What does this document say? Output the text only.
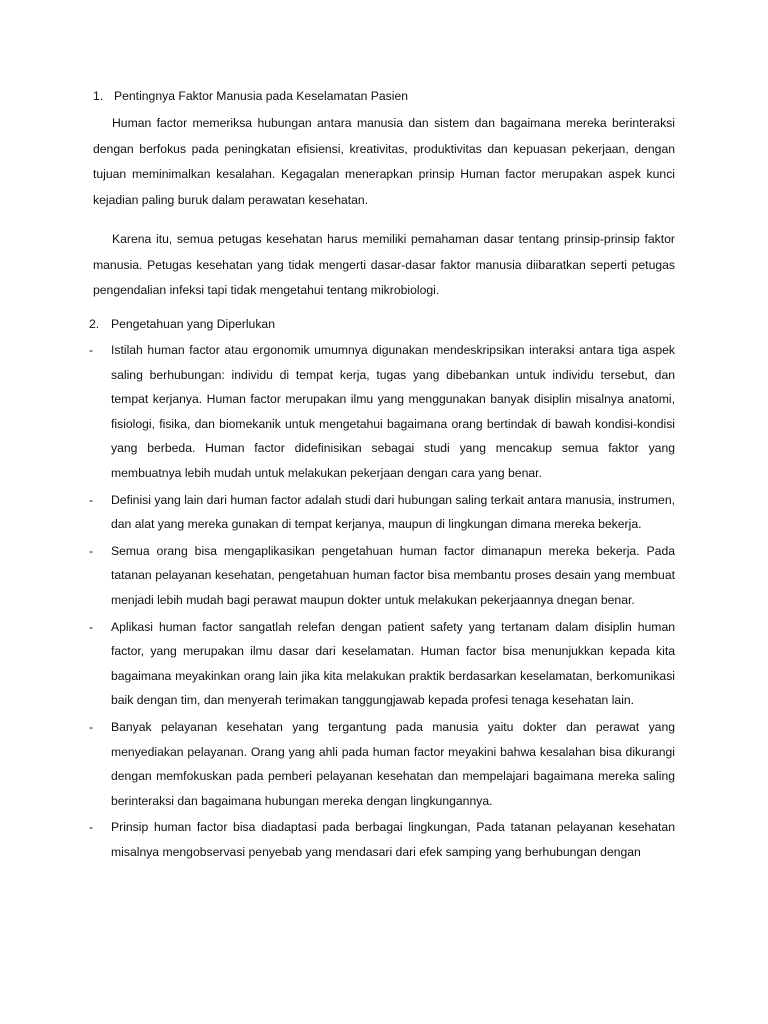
1. Pentingnya Faktor Manusia pada Keselamatan Pasien

Human factor memeriksa hubungan antara manusia dan sistem dan bagaimana mereka berinteraksi dengan berfokus pada peningkatan efisiensi, kreativitas, produktivitas dan kepuasan pekerjaan, dengan tujuan meminimalkan kesalahan. Kegagalan menerapkan prinsip Human factor merupakan aspek kunci kejadian paling buruk dalam perawatan kesehatan.

Karena itu, semua petugas kesehatan harus memiliki pemahaman dasar tentang prinsip-prinsip faktor manusia. Petugas kesehatan yang tidak mengerti dasar-dasar faktor manusia diibaratkan seperti petugas pengendalian infeksi tapi tidak mengetahui tentang mikrobiologi.

2. Pengetahuan yang Diperlukan
- Istilah human factor atau ergonomik umumnya digunakan mendeskripsikan interaksi antara tiga aspek saling berhubungan: individu di tempat kerja, tugas yang dibebankan untuk individu tersebut, dan tempat kerjanya. Human factor merupakan ilmu yang menggunakan banyak disiplin misalnya anatomi, fisiologi, fisika, dan biomekanik untuk mengetahui bagaimana orang bertindak di bawah kondisi-kondisi yang berbeda. Human factor didefinisikan sebagai studi yang mencakup semua faktor yang membuatnya lebih mudah untuk melakukan pekerjaan dengan cara yang benar.
- Definisi yang lain dari human factor adalah studi dari hubungan saling terkait antara manusia, instrumen, dan alat yang mereka gunakan di tempat kerjanya, maupun di lingkungan dimana mereka bekerja.
- Semua orang bisa mengaplikasikan pengetahuan human factor dimanapun mereka bekerja. Pada tatanan pelayanan kesehatan, pengetahuan human factor bisa membantu proses desain yang membuat menjadi lebih mudah bagi perawat maupun dokter untuk melakukan pekerjaannya dnegan benar.
- Aplikasi human factor sangatlah relefan dengan patient safety yang tertanam dalam disiplin human factor, yang merupakan ilmu dasar dari keselamatan. Human factor bisa menunjukkan kepada kita bagaimana meyakinkan orang lain jika kita melakukan praktik berdasarkan keselamatan, berkomunikasi baik dengan tim, dan menyerah terimakan tanggungjawab kepada profesi tenaga kesehatan lain.
- Banyak pelayanan kesehatan yang tergantung pada manusia yaitu dokter dan perawat yang menyediakan pelayanan. Orang yang ahli pada human factor meyakini bahwa kesalahan bisa dikurangi dengan memfokuskan pada pemberi pelayanan kesehatan dan mempelajari bagaimana mereka saling berinteraksi dan bagaimana hubungan mereka dengan lingkungannya.
- Prinsip human factor bisa diadaptasi pada berbagai lingkungan, Pada tatanan pelayanan kesehatan misalnya mengobservasi penyebab yang mendasari dari efek samping yang berhubungan dengan
